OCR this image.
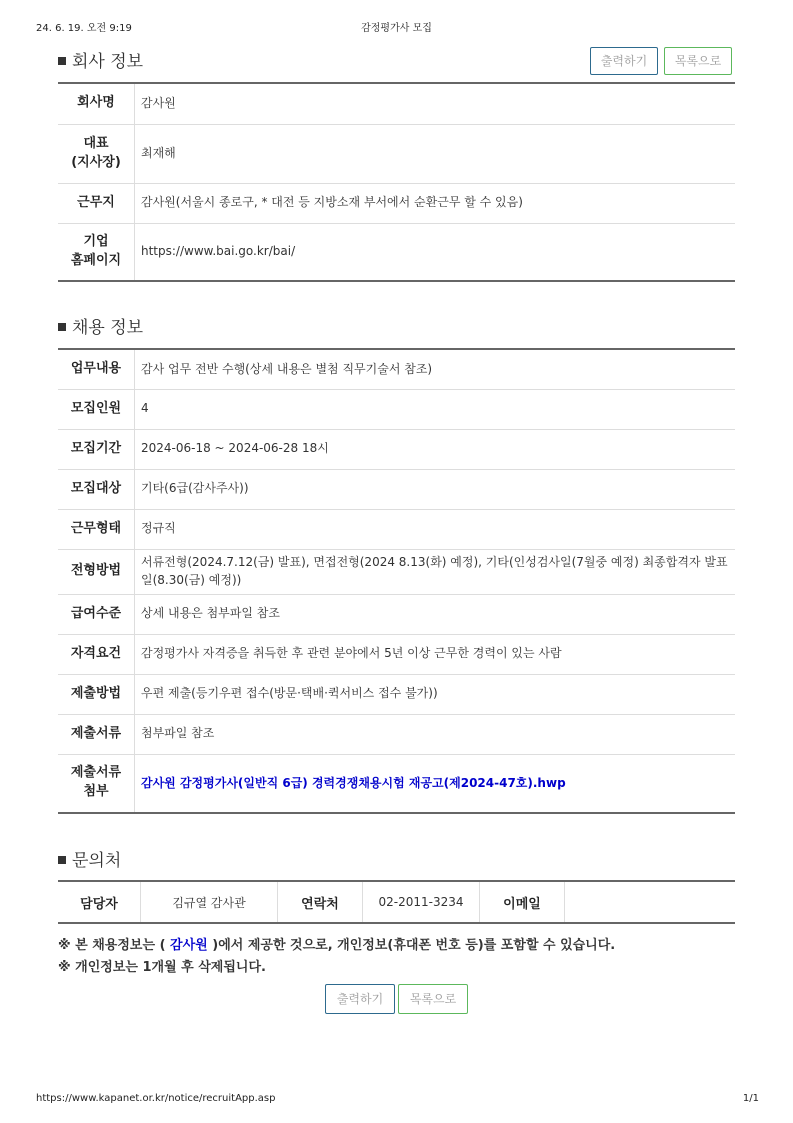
24. 6. 19. 오전 9:19	감정평가사 모집
회사 정보	출력하기	목록으로
회사명	감사원
대표
(지사장)	최재해
근무지	감사원(서울시 종로구, * 대전 등 지방소재 부서에서 순환근무 할 수 있음)
기업
홈페이지	https://www.bai.go.kr/bai/
채용 정보
업무내용	감사 업무 전반 수행(상세 내용은 별첨 직무기술서 참조)
모집인원	4
모집기간	2024-06-18 ~ 2024-06-28 18시
모집대상	기타(6급(감사주사))
근무형태	정규직
전형방법	서류전형(2024.7.12(금) 발표), 면접전형(2024 8.13(화) 예정), 기타(인성검사일(7월중 예정) 최종합격자 발표일(8.30(금) 예정))
급여수준	상세 내용은 첨부파일 참조
자격요건	감정평가사 자격증을 취득한 후 관련 분야에서 5년 이상 근무한 경력이 있는 사람
제출방법	우편 제출(등기우편 접수(방문·택배·퀵서비스 접수 불가))
제출서류	첨부파일 참조
제출서류
첨부	감사원 감정평가사(일반직 6급) 경력경쟁채용시험 재공고(제2024-47호).hwp
문의처
담당자	김규열 감사관	연락처	02-2011-3234	이메일	
※ 본 채용정보는 ( 감사원 )에서 제공한 것으로, 개인정보(휴대폰 번호 등)를 포함할 수 있습니다.
※ 개인정보는 1개월 후 삭제됩니다.
출력하기	목록으로
https://www.kapanet.or.kr/notice/recruitApp.asp	1/1
